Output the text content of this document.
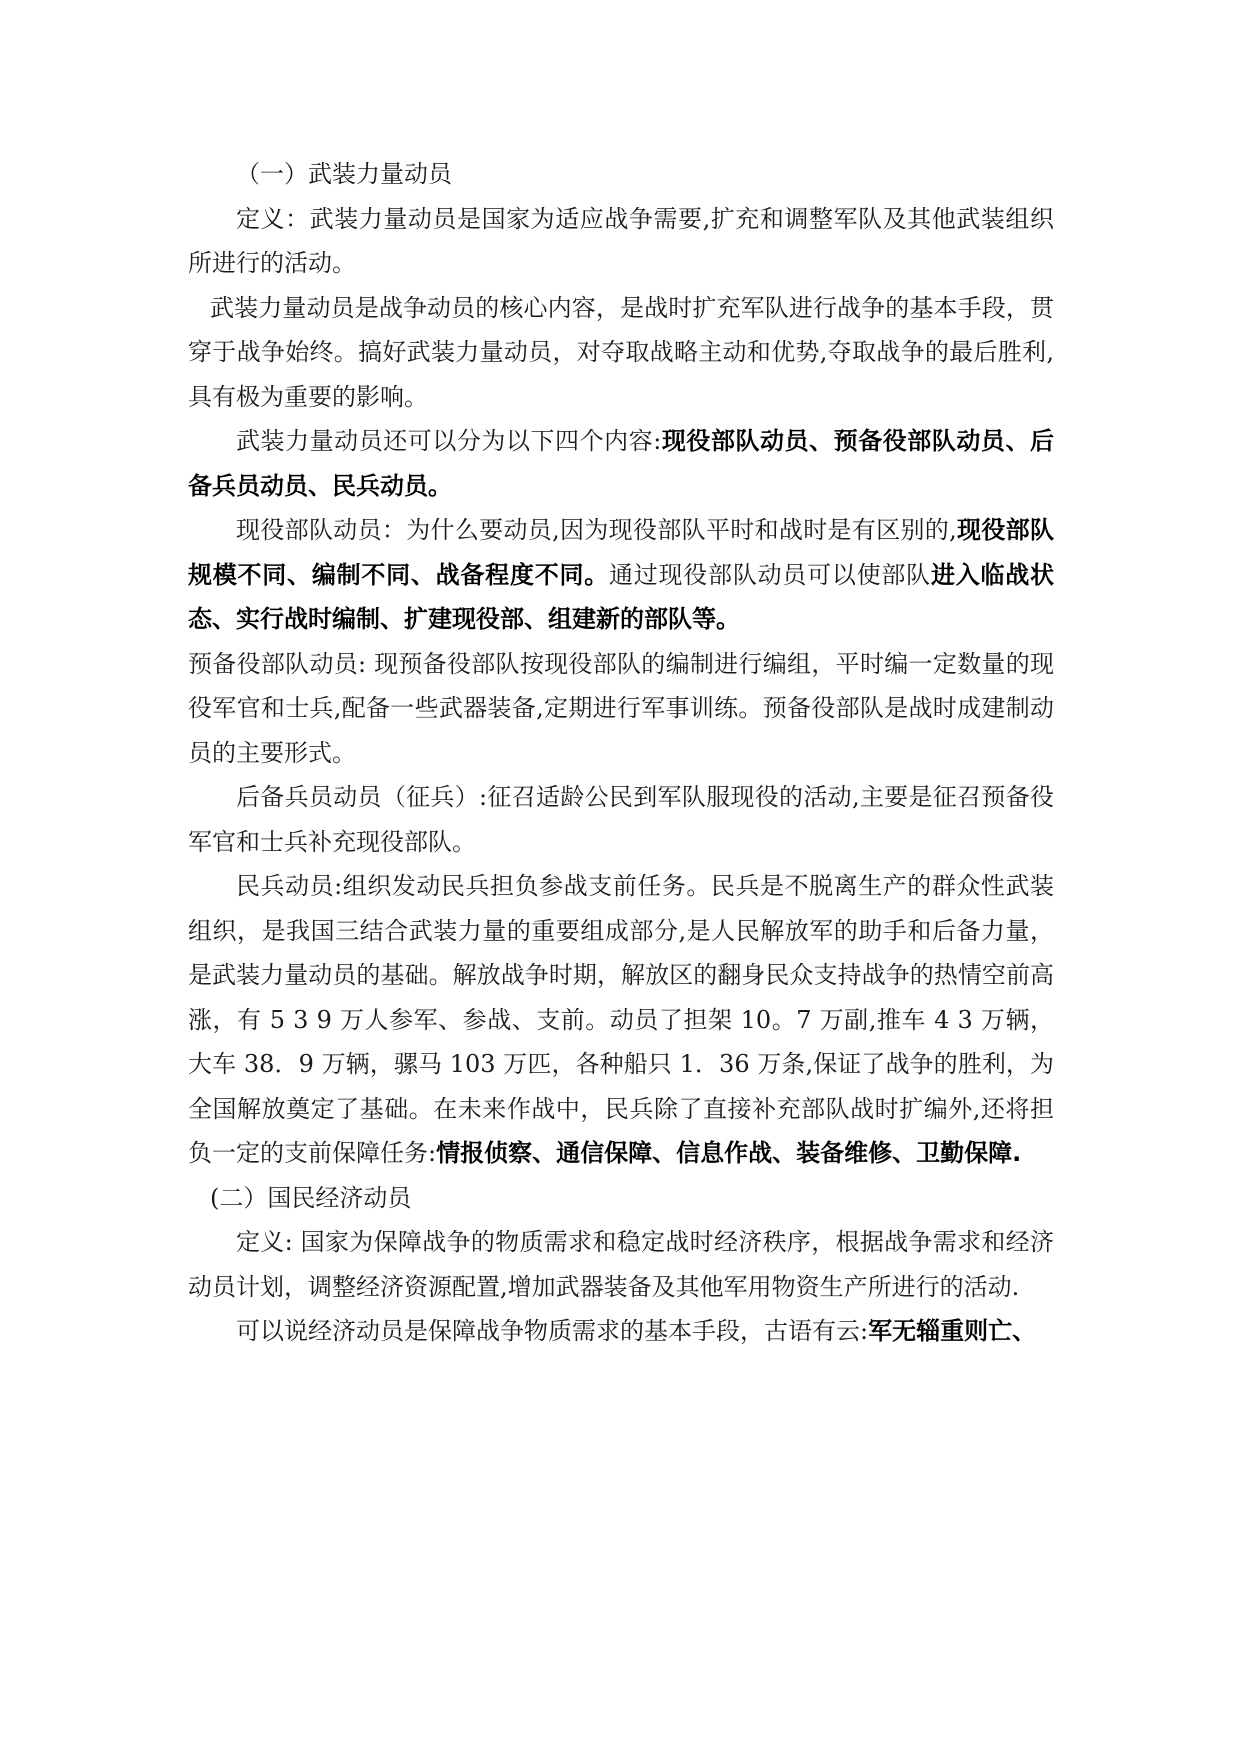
（一）武装力量动员

定义：武装力量动员是国家为适应战争需要,扩充和调整军队及其他武装组织所进行的活动。

武装力量动员是战争动员的核心内容，是战时扩充军队进行战争的基本手段，贯穿于战争始终。搞好武装力量动员，对夺取战略主动和优势,夺取战争的最后胜利,具有极为重要的影响。

武装力量动员还可以分为以下四个内容:现役部队动员、预备役部队动员、后备兵员动员、民兵动员。

现役部队动员：为什么要动员,因为现役部队平时和战时是有区别的,现役部队规模不同、编制不同、战备程度不同。通过现役部队动员可以使部队进入临战状态、实行战时编制、扩建现役部、组建新的部队等。

预备役部队动员: 现预备役部队按现役部队的编制进行编组，平时编一定数量的现役军官和士兵,配备一些武器装备,定期进行军事训练。预备役部队是战时成建制动员的主要形式。

后备兵员动员（征兵）:征召适龄公民到军队服现役的活动,主要是征召预备役军官和士兵补充现役部队。

民兵动员:组织发动民兵担负参战支前任务。民兵是不脱离生产的群众性武装组织，是我国三结合武装力量的重要组成部分,是人民解放军的助手和后备力量，是武装力量动员的基础。解放战争时期，解放区的翻身民众支持战争的热情空前高涨，有 5 3 9 万人参军、参战、支前。动员了担架 10。7 万副,推车 4 3 万辆，大车 38．9 万辆，骡马 103 万匹，各种船只 1．36 万条,保证了战争的胜利，为全国解放奠定了基础。在未来作战中，民兵除了直接补充部队战时扩编外,还将担负一定的支前保障任务:情报侦察、通信保障、信息作战、装备维修、卫勤保障.

(二）国民经济动员

定义: 国家为保障战争的物质需求和稳定战时经济秩序，根据战争需求和经济动员计划，调整经济资源配置,增加武器装备及其他军用物资生产所进行的活动.

可以说经济动员是保障战争物质需求的基本手段，古语有云:军无辎重则亡、
